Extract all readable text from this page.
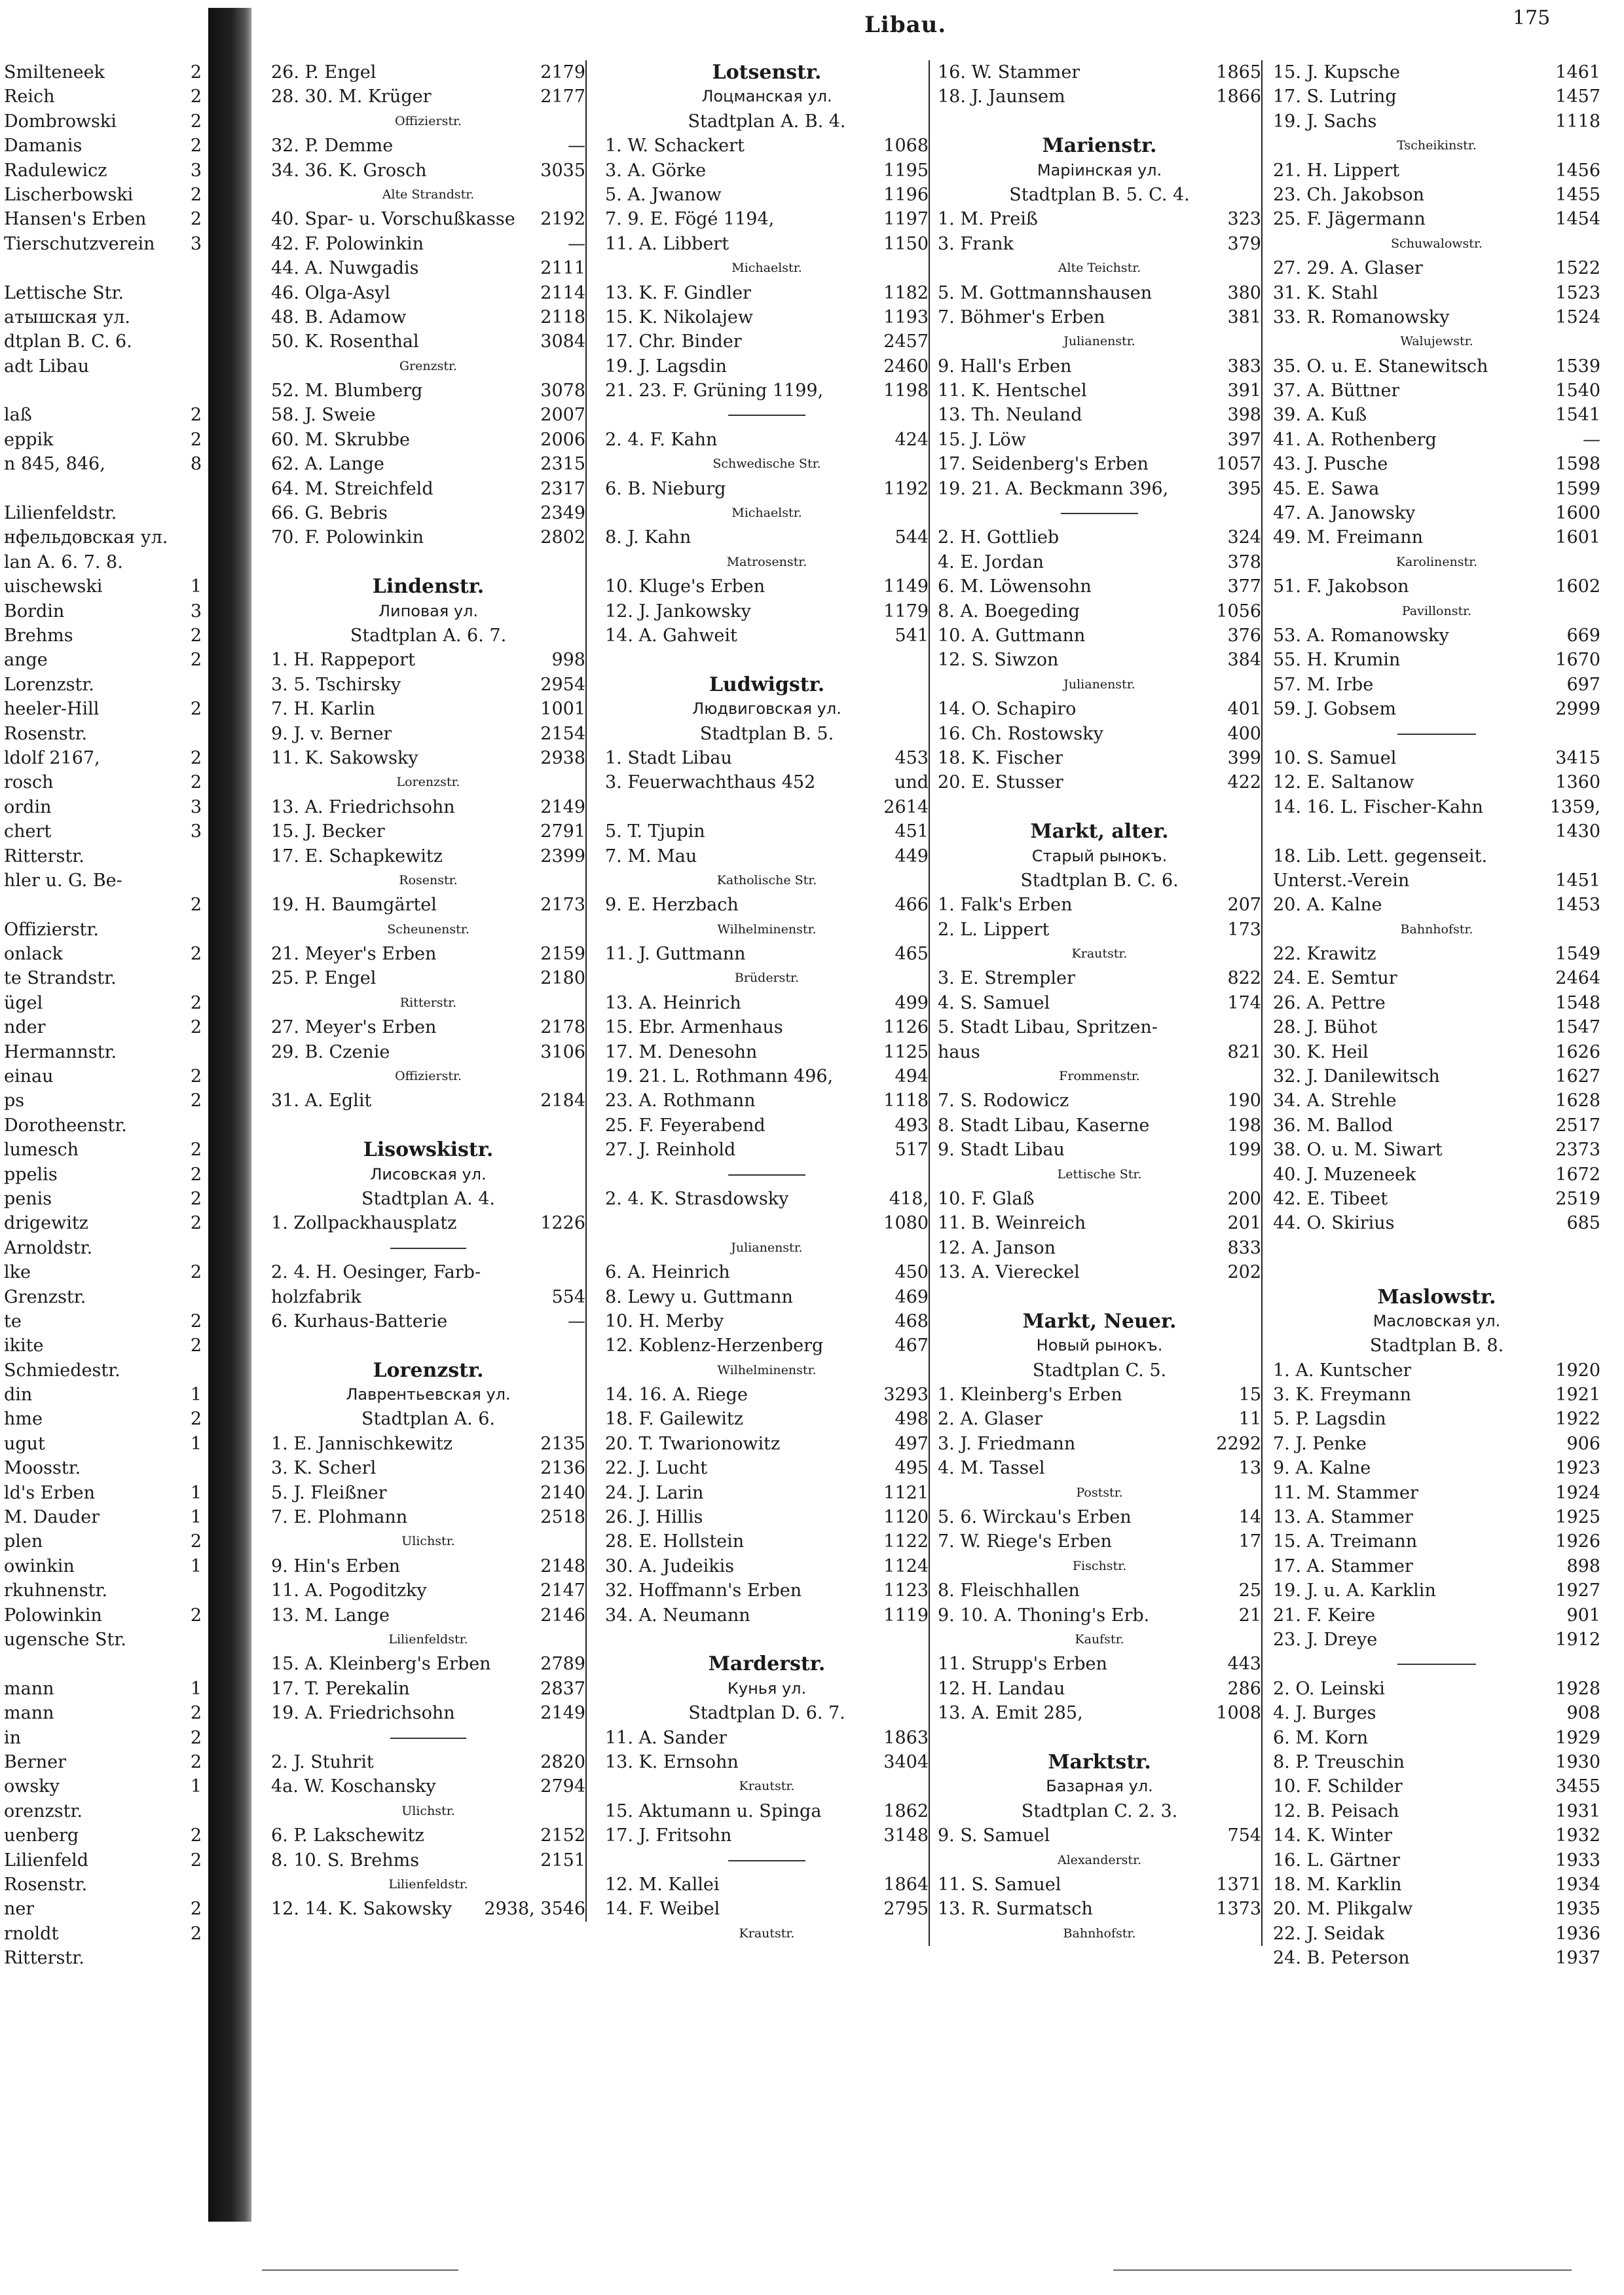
Libau.	175
Smilteneek	2
Reich	2
Dombrowski	2
Damanis	2
Radulewicz	3
Lischerbowski	2
Hansen's Erben	2
Tierschutzverein	3
Lettische Str.
атышская ул.
dtplan B. C. 6.
adt Libau
laß	2
eppik	2
n 845, 846,	8
Lilienfeldstr.
нфельдовская ул.
lan A. 6. 7. 8.
uischewski	1
Bordin	3
Brehms	2
ange	2
Lorenzstr.
heeler-Hill	2
Rosenstr.
ldolf 2167,	2
rosch	2
ordin	3
chert	3
Ritterstr.
hler u. G. Be-
2
Offizierstr.
onlack	2
te Strandstr.
ügel	2
nder	2
Hermannstr.
einau	2
ps	2
Dorotheenstr.
lumesch	2
ppelis	2
penis	2
drigewitz	2
Arnoldstr.
lke	2
Grenzstr.
te	2
ikite	2
Schmiedestr.
din	1
hme	2
ugut	1
Moosstr.
ld's Erben	1
M. Dauder	1
plen	2
owinkin	1
rkuhnenstr.
Polowinkin	2
ugensche Str.
mann	1
mann	2
in	2
Berner	2
owsky	1
orenzstr.
uenberg	2
Lilienfeld	2
Rosenstr.
ner	2
rnoldt	2
Ritterstr.
26. P. Engel	2179
28. 30. M. Krüger	2177
Offizierstr.
32. P. Demme	—
34. 36. K. Grosch	3035
Alte Strandstr.
40. Spar- u. Vorschußkasse	2192
42. F. Polowinkin	—
44. A. Nuwgadis	2111
46. Olga-Asyl	2114
48. B. Adamow	2118
50. K. Rosenthal	3084
Grenzstr.
52. M. Blumberg	3078
58. J. Sweie	2007
60. M. Skrubbe	2006
62. A. Lange	2315
64. M. Streichfeld	2317
66. G. Bebris	2349
70. F. Polowinkin	2802
Lindenstr.
Липовая ул.
Stadtplan A. 6. 7.
1. H. Rappeport	998
3. 5. Tschirsky	2954
7. H. Karlin	1001
9. J. v. Berner	2154
11. K. Sakowsky	2938
Lorenzstr.
13. A. Friedrichsohn	2149
15. J. Becker	2791
17. E. Schapkewitz	2399
Rosenstr.
19. H. Baumgärtel	2173
Scheunenstr.
21. Meyer's Erben	2159
25. P. Engel	2180
Ritterstr.
27. Meyer's Erben	2178
29. B. Czenie	3106
Offizierstr.
31. A. Eglit	2184
Lisowskistr.
Лисовская ул.
Stadtplan A. 4.
1. Zollpackhausplatz	1226
2. 4. H. Oesinger, Farb-
holzfabrik	554
6. Kurhaus-Batterie	—
Lorenzstr.
Лаврентьевская ул.
Stadtplan A. 6.
1. E. Jannischkewitz	2135
3. K. Scherl	2136
5. J. Fleißner	2140
7. E. Plohmann	2518
Ulichstr.
9. Hin's Erben	2148
11. A. Pogoditzky	2147
13. M. Lange	2146
Lilienfeldstr.
15. A. Kleinberg's Erben	2789
17. T. Perekalin	2837
19. A. Friedrichsohn	2149
2. J. Stuhrit	2820
4a. W. Koschansky	2794
Ulichstr.
6. P. Lakschewitz	2152
8. 10. S. Brehms	2151
Lilienfeldstr.
12. 14. K. Sakowsky	2938, 3546
Lotsenstr.
Лоцманская ул.
Stadtplan A. B. 4.
1. W. Schackert	1068
3. A. Görke	1195
5. A. Jwanow	1196
7. 9. E. Fögé 1194,	1197
11. A. Libbert	1150
Michaelstr.
13. K. F. Gindler	1182
15. K. Nikolajew	1193
17. Chr. Binder	2457
19. J. Lagsdin	2460
21. 23. F. Grüning 1199,	1198
2. 4. F. Kahn	424
Schwedische Str.
6. B. Nieburg	1192
Michaelstr.
8. J. Kahn	544
Matrosenstr.
10. Kluge's Erben	1149
12. J. Jankowsky	1179
14. A. Gahweit	541
Ludwigstr.
Людвиговская ул.
Stadtplan B. 5.
1. Stadt Libau	453
3. Feuerwachthaus 452	und
2614
5. T. Tjupin	451
7. M. Mau	449
Katholische Str.
9. E. Herzbach	466
Wilhelminenstr.
11. J. Guttmann	465
Brüderstr.
13. A. Heinrich	499
15. Ebr. Armenhaus	1126
17. M. Denesohn	1125
19. 21. L. Rothmann 496,	494
23. A. Rothmann	1118
25. F. Feyerabend	493
27. J. Reinhold	517
2. 4. K. Strasdowsky	418,
1080
Julianenstr.
6. A. Heinrich	450
8. Lewy u. Guttmann	469
10. H. Merby	468
12. Koblenz-Herzenberg	467
Wilhelminenstr.
14. 16. A. Riege	3293
18. F. Gailewitz	498
20. T. Twarionowitz	497
22. J. Lucht	495
24. J. Larin	1121
26. J. Hillis	1120
28. E. Hollstein	1122
30. A. Judeikis	1124
32. Hoffmann's Erben	1123
34. A. Neumann	1119
Marderstr.
Кунья ул.
Stadtplan D. 6. 7.
11. A. Sander	1863
13. K. Ernsohn	3404
Krautstr.
15. Aktumann u. Spinga	1862
17. J. Fritsohn	3148
12. M. Kallei	1864
14. F. Weibel	2795
Krautstr.
16. W. Stammer	1865
18. J. Jaunsem	1866
Marienstr.
Маріинская ул.
Stadtplan B. 5. C. 4.
1. M. Preiß	323
3. Frank	379
Alte Teichstr.
5. M. Gottmannshausen	380
7. Böhmer's Erben	381
Julianenstr.
9. Hall's Erben	383
11. K. Hentschel	391
13. Th. Neuland	398
15. J. Löw	397
17. Seidenberg's Erben	1057
19. 21. A. Beckmann 396,	395
2. H. Gottlieb	324
4. E. Jordan	378
6. M. Löwensohn	377
8. A. Boegeding	1056
10. A. Guttmann	376
12. S. Siwzon	384
Julianenstr.
14. O. Schapiro	401
16. Ch. Rostowsky	400
18. K. Fischer	399
20. E. Stusser	422
Markt, alter.
Старый рынокъ.
Stadtplan B. C. 6.
1. Falk's Erben	207
2. L. Lippert	173
Krautstr.
3. E. Strempler	822
4. S. Samuel	174
5. Stadt Libau, Spritzen-
haus	821
Frommenstr.
7. S. Rodowicz	190
8. Stadt Libau, Kaserne	198
9. Stadt Libau	199
Lettische Str.
10. F. Glaß	200
11. B. Weinreich	201
12. A. Janson	833
13. A. Viereckel	202
Markt, Neuer.
Новый рынокъ.
Stadtplan C. 5.
1. Kleinberg's Erben	15
2. A. Glaser	11
3. J. Friedmann	2292
4. M. Tassel	13
Poststr.
5. 6. Wirckau's Erben	14
7. W. Riege's Erben	17
Fischstr.
8. Fleischhallen	25
9. 10. A. Thoning's Erb.	21
Kaufstr.
11. Strupp's Erben	443
12. H. Landau	286
13. A. Emit 285,	1008
Marktstr.
Базарная ул.
Stadtplan C. 2. 3.
9. S. Samuel	754
Alexanderstr.
11. S. Samuel	1371
13. R. Surmatsch	1373
Bahnhofstr.
15. J. Kupsche	1461
17. S. Lutring	1457
19. J. Sachs	1118
Tscheikinstr.
21. H. Lippert	1456
23. Ch. Jakobson	1455
25. F. Jägermann	1454
Schuwalowstr.
27. 29. A. Glaser	1522
31. K. Stahl	1523
33. R. Romanowsky	1524
Walujewstr.
35. O. u. E. Stanewitsch	1539
37. A. Büttner	1540
39. A. Kuß	1541
41. A. Rothenberg	—
43. J. Pusche	1598
45. E. Sawa	1599
47. A. Janowsky	1600
49. M. Freimann	1601
Karolinenstr.
51. F. Jakobson	1602
Pavillonstr.
53. A. Romanowsky	669
55. H. Krumin	1670
57. M. Irbe	697
59. J. Gobsem	2999
10. S. Samuel	3415
12. E. Saltanow	1360
14. 16. L. Fischer-Kahn	1359,
1430
18. Lib. Lett. gegenseit.
Unterst.-Verein	1451
20. A. Kalne	1453
Bahnhofstr.
22. Krawitz	1549
24. E. Semtur	2464
26. A. Pettre	1548
28. J. Bühot	1547
30. K. Heil	1626
32. J. Danilewitsch	1627
34. A. Strehle	1628
36. M. Ballod	2517
38. O. u. M. Siwart	2373
40. J. Muzeneek	1672
42. E. Tibeet	2519
44. O. Skirius	685
Maslowstr.
Масловская ул.
Stadtplan B. 8.
1. A. Kuntscher	1920
3. K. Freymann	1921
5. P. Lagsdin	1922
7. J. Penke	906
9. A. Kalne	1923
11. M. Stammer	1924
13. A. Stammer	1925
15. A. Treimann	1926
17. A. Stammer	898
19. J. u. A. Karklin	1927
21. F. Keire	901
23. J. Dreye	1912
2. O. Leinski	1928
4. J. Burges	908
6. M. Korn	1929
8. P. Treuschin	1930
10. F. Schilder	3455
12. B. Peisach	1931
14. K. Winter	1932
16. L. Gärtner	1933
18. M. Karklin	1934
20. M. Plikgalw	1935
22. J. Seidak	1936
24. B. Peterson	1937
